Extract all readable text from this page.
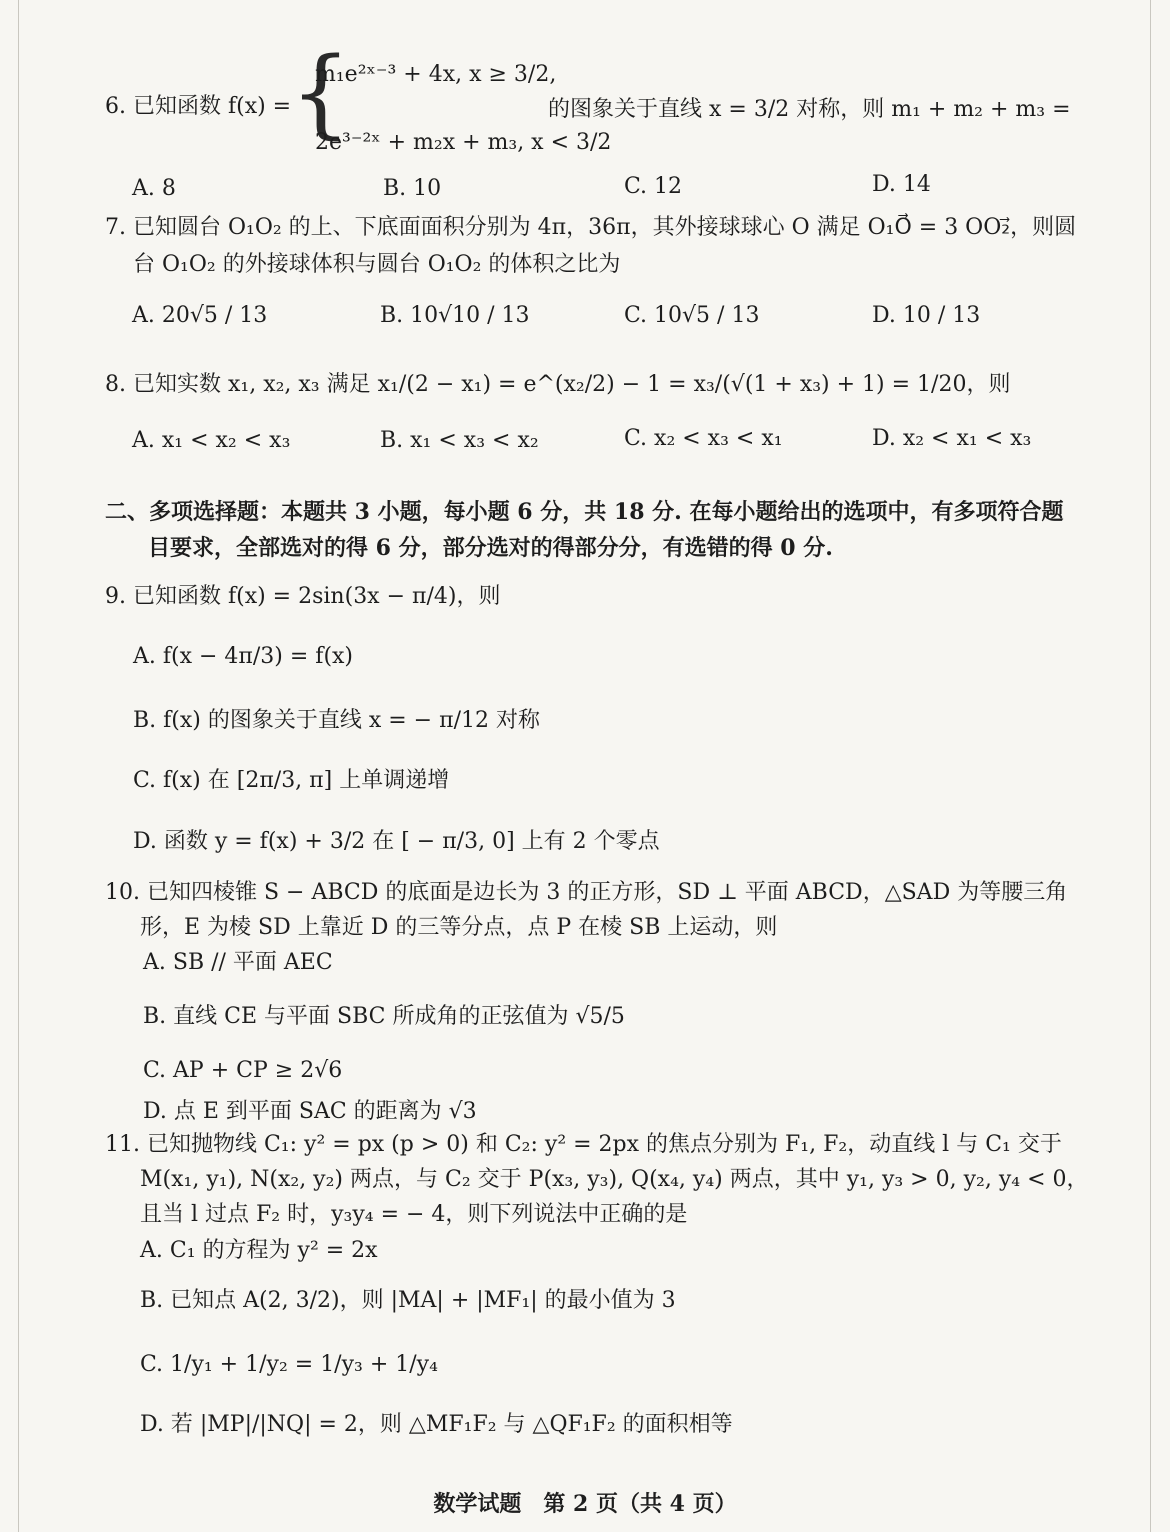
6. 已知函数 f(x) =
{
m₁e²ˣ⁻³ + 4x, x ≥ 3/2,
2e³⁻²ˣ + m₂x + m₃, x < 3/2
的图象关于直线 x = 3/2 对称，则 m₁ + m₂ + m₃ =
A. 8	B. 10	C. 12	D. 14
7. 已知圆台 O₁O₂ 的上、下底面面积分别为 4π，36π，其外接球球心 O 满足 O₁O⃗ = 3 OO₂⃗，则圆
台 O₁O₂ 的外接球体积与圆台 O₁O₂ 的体积之比为
A. 20√5 / 13	B. 10√10 / 13	C. 10√5 / 13	D. 10 / 13
8. 已知实数 x₁, x₂, x₃ 满足 x₁/(2 − x₁) = e^(x₂/2) − 1 = x₃/(√(1 + x₃) + 1) = 1/20，则
A. x₁ < x₂ < x₃	B. x₁ < x₃ < x₂	C. x₂ < x₃ < x₁	D. x₂ < x₁ < x₃
二、多项选择题：本题共 3 小题，每小题 6 分，共 18 分. 在每小题给出的选项中，有多项符合题
目要求，全部选对的得 6 分，部分选对的得部分分，有选错的得 0 分.
9. 已知函数 f(x) = 2sin(3x − π/4)，则
A. f(x − 4π/3) = f(x)
B. f(x) 的图象关于直线 x = − π/12 对称
C. f(x) 在 [2π/3, π] 上单调递增
D. 函数 y = f(x) + 3/2 在 [ − π/3, 0] 上有 2 个零点
10. 已知四棱锥 S − ABCD 的底面是边长为 3 的正方形，SD ⊥ 平面 ABCD，△SAD 为等腰三角
形，E 为棱 SD 上靠近 D 的三等分点，点 P 在棱 SB 上运动，则
A. SB // 平面 AEC
B. 直线 CE 与平面 SBC 所成角的正弦值为 √5/5
C. AP + CP ≥ 2√6
D. 点 E 到平面 SAC 的距离为 √3
11. 已知抛物线 C₁: y² = px (p > 0) 和 C₂: y² = 2px 的焦点分别为 F₁, F₂，动直线 l 与 C₁ 交于
M(x₁, y₁), N(x₂, y₂) 两点，与 C₂ 交于 P(x₃, y₃), Q(x₄, y₄) 两点，其中 y₁, y₃ > 0, y₂, y₄ < 0，
且当 l 过点 F₂ 时，y₃y₄ = − 4，则下列说法中正确的是
A. C₁ 的方程为 y² = 2x
B. 已知点 A(2, 3/2)，则 |MA| + |MF₁| 的最小值为 3
C. 1/y₁ + 1/y₂ = 1/y₃ + 1/y₄
D. 若 |MP|/|NQ| = 2，则 △MF₁F₂ 与 △QF₁F₂ 的面积相等
数学试题　第 2 页（共 4 页）
